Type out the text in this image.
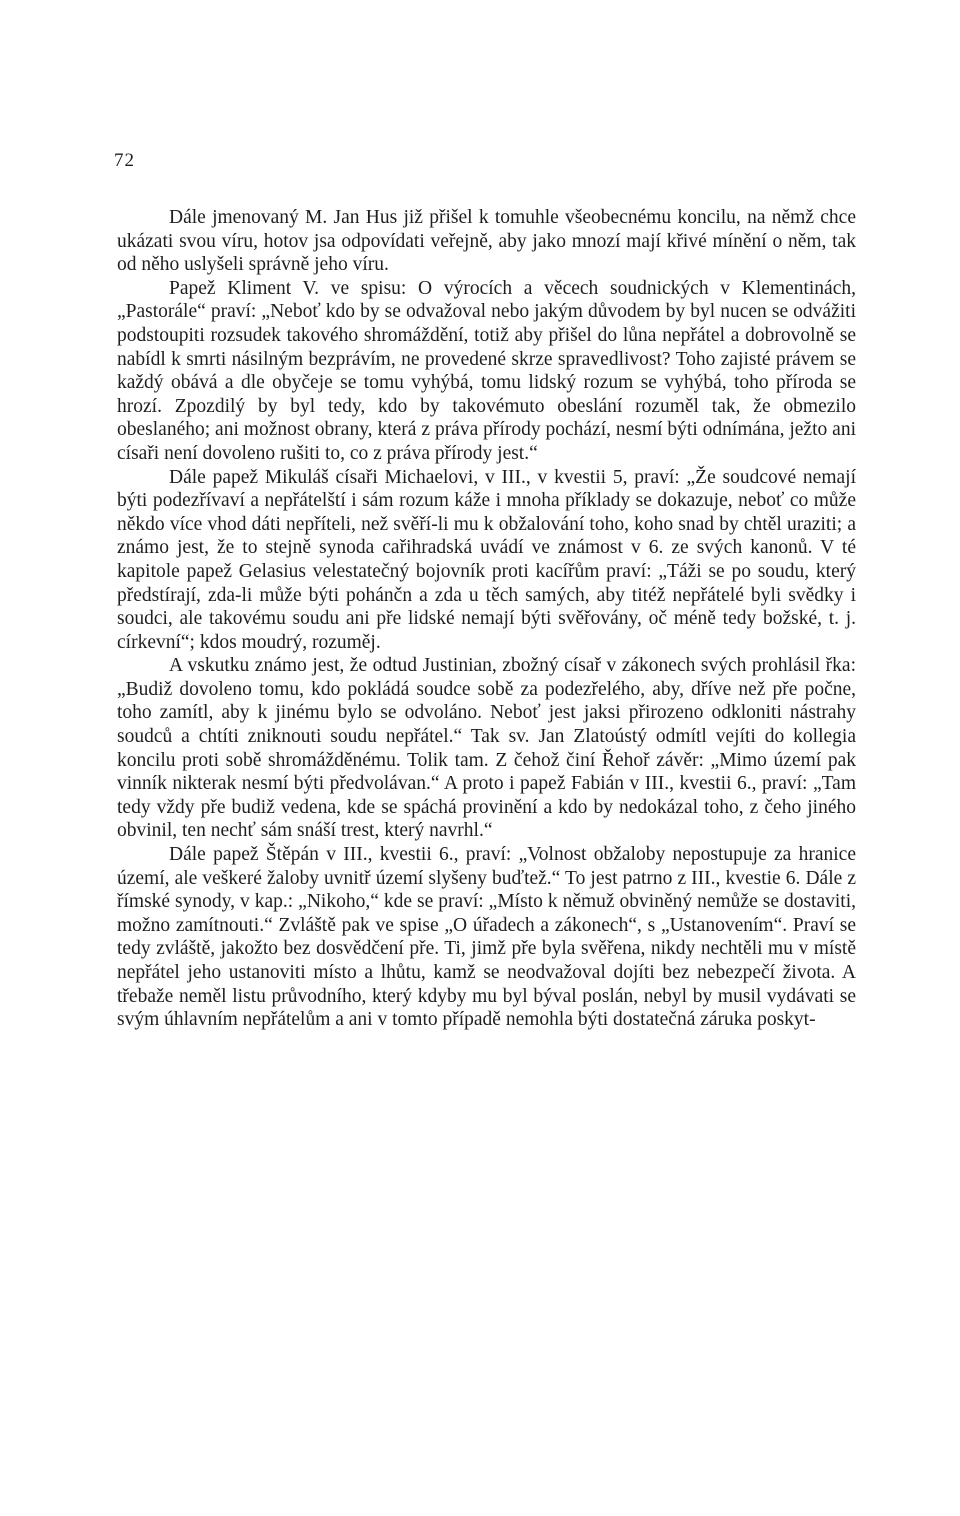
72

Dále jmenovaný M. Jan Hus již přišel k tomuhle všeobecnému koncilu, na němž chce ukázati svou víru, hotov jsa odpovídati veřejně, aby jako mnozí mají křivé mínění o něm, tak od něho uslyšeli správně jeho víru.

Papež Kliment V. ve spisu: O výrocích a věcech soudnických v Klementinách, „Pastorále“ praví: „Neboť kdo by se odvažoval nebo jakým důvodem by byl nucen se odvážiti podstoupiti rozsudek takového shromáždění, totiž aby přišel do lůna nepřátel a dobrovolně se nabídl k smrti násilným bezprávím, ne provedené skrze spravedlivost? Toho zajisté právem se každý obává a dle obyčeje se tomu vyhýbá, tomu lidský rozum se vyhýbá, toho příroda se hrozí. Zpozdilý by byl tedy, kdo by takovémuto obeslání rozuměl tak, že obmezilo obeslaného; ani možnost obrany, která z práva přírody pochází, nesmí býti odnímána, ježto ani císaři není dovoleno rušiti to, co z práva přírody jest.“

Dále papež Mikuláš císaři Michaelovi, v III., v kvestii 5, praví: „Že soudcové nemají býti podezřívaví a nepřátelští i sám rozum káže i mnoha příklady se dokazuje, neboť co může někdo více vhod dáti nepříteli, než svěří-li mu k obžalování toho, koho snad by chtěl uraziti; a známo jest, že to stejně synoda cařihradská uvádí ve známost v 6. ze svých kanonů. V té kapitole papež Gelasius velestatečný bojovník proti kacířům praví: „Táži se po soudu, který předstírají, zda-li může býti pohánčn a zda u těch samých, aby titéž nepřátelé byli svědky i soudci, ale takovému soudu ani pře lidské nemají býti svěřovány, oč méně tedy božské, t. j. církevní“; kdos moudrý, rozuměj.

A vskutku známo jest, že odtud Justinian, zbožný císař v zákonech svých prohlásil řka: „Budiž dovoleno tomu, kdo pokládá soudce sobě za podezřelého, aby, dříve než pře počne, toho zamítl, aby k jinému bylo se odvoláno. Neboť jest jaksi přirozeno odkloniti nástrahy soudců a chtíti zniknouti soudu nepřátel.“ Tak sv. Jan Zlatoústý odmítl vejíti do kollegia koncilu proti sobě shromážděnému. Tolik tam. Z čehož činí Řehoř závěr: „Mimo území pak vinník nikterak nesmí býti předvolávan.“ A proto i papež Fabián v III., kvestii 6., praví: „Tam tedy vždy pře budiž vedena, kde se spáchá provinění a kdo by nedokázal toho, z čeho jiného obvinil, ten nechť sám snáší trest, který navrhl.“

Dále papež Štěpán v III., kvestii 6., praví: „Volnost obžaloby nepostupuje za hranice území, ale veškeré žaloby uvnitř území slyšeny buďtež.“ To jest patrno z III., kvestie 6. Dále z římské synody, v kap.: „Nikoho,“ kde se praví: „Místo k němuž obviněný nemůže se dostaviti, možno zamítnouti.“ Zvláště pak ve spise „O úřadech a zákonech“, s „Ustanovením“. Praví se tedy zvláště, jakožto bez dosvědčení pře. Ti, jimž pře byla svěřena, nikdy nechtěli mu v místě nepřátel jeho ustanoviti místo a lhůtu, kamž se neodvažoval dojíti bez nebezpečí života. A třebaže neměl listu průvodního, který kdyby mu byl býval poslán, nebyl by musil vydávati se svým úhlavním nepřátelům a ani v tomto případě nemohla býti dostatečná záruka poskyt-
